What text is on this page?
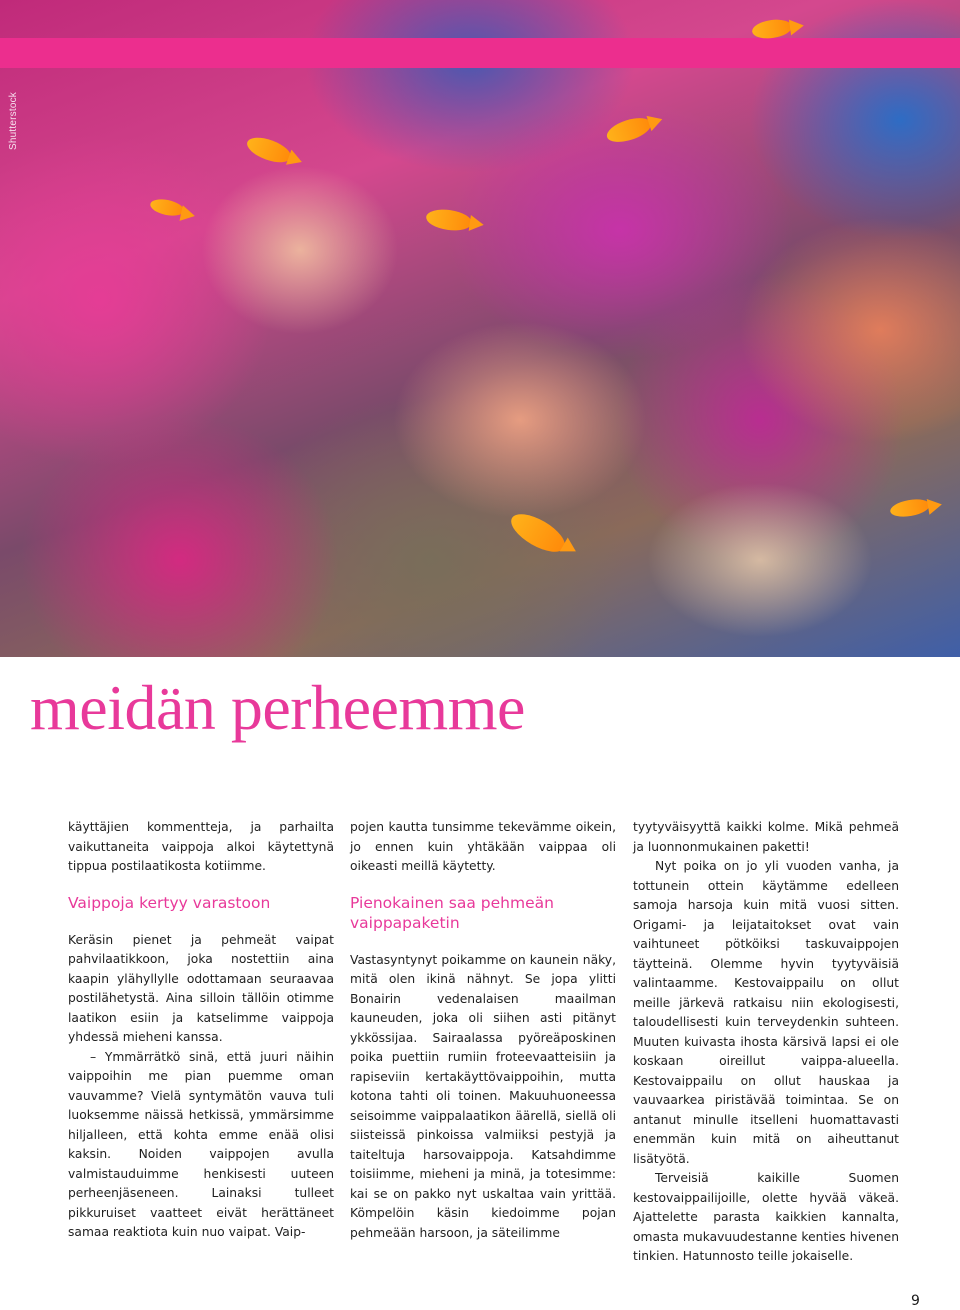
Shutterstock
meidän perheemme

käyttäjien kommentteja, ja parhailta vaikuttaneita vaippoja alkoi käytettynä tippua postilaatikosta kotiimme.

Vaippoja kertyy varastoon

Keräsin pienet ja pehmeät vaipat pahvilaatikkoon, joka nostettiin aina kaapin ylähyllylle odottamaan seuraavaa postilähetystä. Aina silloin tällöin otimme laatikon esiin ja katselimme vaippoja yhdessä mieheni kanssa.

– Ymmärrätkö sinä, että juuri näihin vaippoihin me pian puemme oman vauvamme? Vielä syntymätön vauva tuli luoksemme näissä hetkissä, ymmärsimme hiljalleen, että kohta emme enää olisi kaksin. Noiden vaippojen avulla valmistauduimme henkisesti uuteen perheenjäseneen. Lainaksi tulleet pikkuruiset vaatteet eivät herättäneet samaa reaktiota kuin nuo vaipat. Vaip-

pojen kautta tunsimme tekevämme oikein, jo ennen kuin yhtäkään vaippaa oli oikeasti meillä käytetty.

Pienokainen saa pehmeän vaippapaketin

Vastasyntynyt poikamme on kaunein näky, mitä olen ikinä nähnyt. Se jopa ylitti Bonairin vedenalaisen maailman kauneuden, joka oli siihen asti pitänyt ykkössijaa. Sairaalassa pyöreäposkinen poika puettiin rumiin froteevaatteisiin ja rapiseviin kertakäyttövaippoihin, mutta kotona tahti oli toinen. Makuuhuoneessa seisoimme vaippalaatikon äärellä, siellä oli siisteissä pinkoissa valmiiksi pestyjä ja taiteltuja harsovaippoja. Katsahdimme toisiimme, mieheni ja minä, ja totesimme: kai se on pakko nyt uskaltaa vain yrittää. Kömpelöin käsin kiedoimme pojan pehmeään harsoon, ja säteilimme

tyytyväisyyttä kaikki kolme. Mikä pehmeä ja luonnonmukainen paketti!

Nyt poika on jo yli vuoden vanha, ja tottunein ottein käytämme edelleen samoja harsoja kuin mitä vuosi sitten. Origami- ja leijataitokset ovat vain vaihtuneet pötköiksi taskuvaippojen täytteinä. Olemme hyvin tyytyväisiä valintaamme. Kestovaippailu on ollut meille järkevä ratkaisu niin ekologisesti, taloudellisesti kuin terveydenkin suhteen. Muuten kuivasta ihosta kärsivä lapsi ei ole koskaan oireillut vaippa-alueella. Kestovaippailu on ollut hauskaa ja vauvaarkea piristävää toimintaa. Se on antanut minulle itselleni huomattavasti enemmän kuin mitä on aiheuttanut lisätyötä.

Terveisiä kaikille Suomen kestovaippailijoille, olette hyvää väkeä. Ajattelette parasta kaikkien kannalta, omasta mukavuudestanne kenties hivenen tinkien. Hatunnosto teille jokaiselle.

9
